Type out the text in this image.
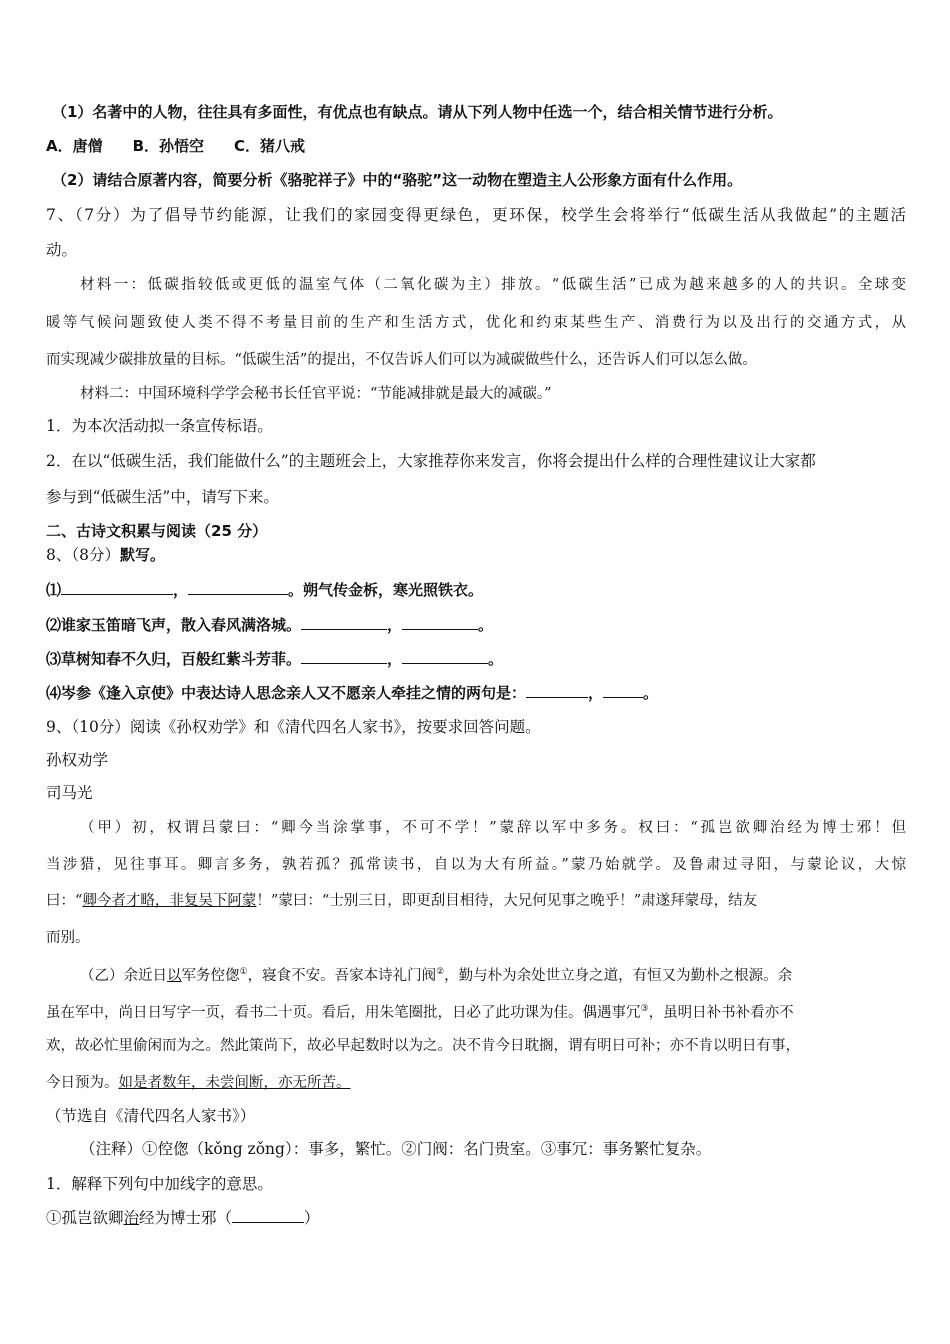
（1）名著中的人物，往往具有多面性，有优点也有缺点。请从下列人物中任选一个，结合相关情节进行分析。
A．唐僧　　B．孙悟空　　C．猪八戒
（2）请结合原著内容，简要分析《骆驼祥子》中的“骆驼”这一动物在塑造主人公形象方面有什么作用。
7、（7分）为了倡导节约能源，让我们的家园变得更绿色，更环保，校学生会将举行“低碳生活从我做起”的主题活
动。
材料一：低碳指较低或更低的温室气体（二氧化碳为主）排放。“低碳生活”已成为越来越多的人的共识。全球变
暖等气候问题致使人类不得不考量目前的生产和生活方式，优化和约束某些生产、消费行为以及出行的交通方式，从
而实现减少碳排放量的目标。“低碳生活”的提出，不仅告诉人们可以为减碳做些什么，还告诉人们可以怎么做。
材料二：中国环境科学学会秘书长任官平说：“节能减排就是最大的减碳。”
1．为本次活动拟一条宣传标语。
2．在以“低碳生活，我们能做什么”的主题班会上，大家推荐你来发言，你将会提出什么样的合理性建议让大家都
参与到“低碳生活”中，请写下来。
二、古诗文积累与阅读（25 分）
8、（8分）默写。
⑴	，	。朔气传金柝，寒光照铁衣。
⑵谁家玉笛暗飞声，散入春风满洛城。	，	。
⑶草树知春不久归，百般红紫斗芳菲。	，	。
⑷岑参《逢入京使》中表达诗人思念亲人又不愿亲人牵挂之情的两句是：	，	。
9、（10分）阅读《孙权劝学》和《清代四名人家书》，按要求回答问题。
孙权劝学
司马光
（甲）初，权谓吕蒙曰：“卿今当涂掌事，不可不学！”蒙辞以军中多务。权曰：“孤岂欲卿治经为博士邪！但
当涉猎，见往事耳。卿言多务，孰若孤？孤常读书，自以为大有所益。”蒙乃始就学。及鲁肃过寻阳，与蒙论议，大惊
曰：“卿今者才略，非复吴下阿蒙！”蒙曰：“士别三日，即更刮目相待，大兄何见事之晚乎！”肃遂拜蒙母，结友
而别。
（乙）余近日以军务倥偬①，寝食不安。吾家本诗礼门阀②，勤与朴为余处世立身之道，有恒又为勤朴之根源。余
虽在军中，尚日日写字一页，看书二十页。看后，用朱笔圈批，日必了此功课为佳。偶遇事冗③，虽明日补书补看亦不
欢，故必忙里偷闲而为之。然此策尚下，故必早起数时以为之。决不肯今日耽搁，谓有明日可补；亦不肯以明日有事，
今日预为。如是者数年，未尝间断，亦无所苦。
（节选自《清代四名人家书》）
（注释）①倥偬（kǒng zǒng）：事多，繁忙。②门阀：名门贵室。③事冗：事务繁忙复杂。
1．解释下列句中加线字的意思。
①孤岂欲卿治经为博士邪（	）
